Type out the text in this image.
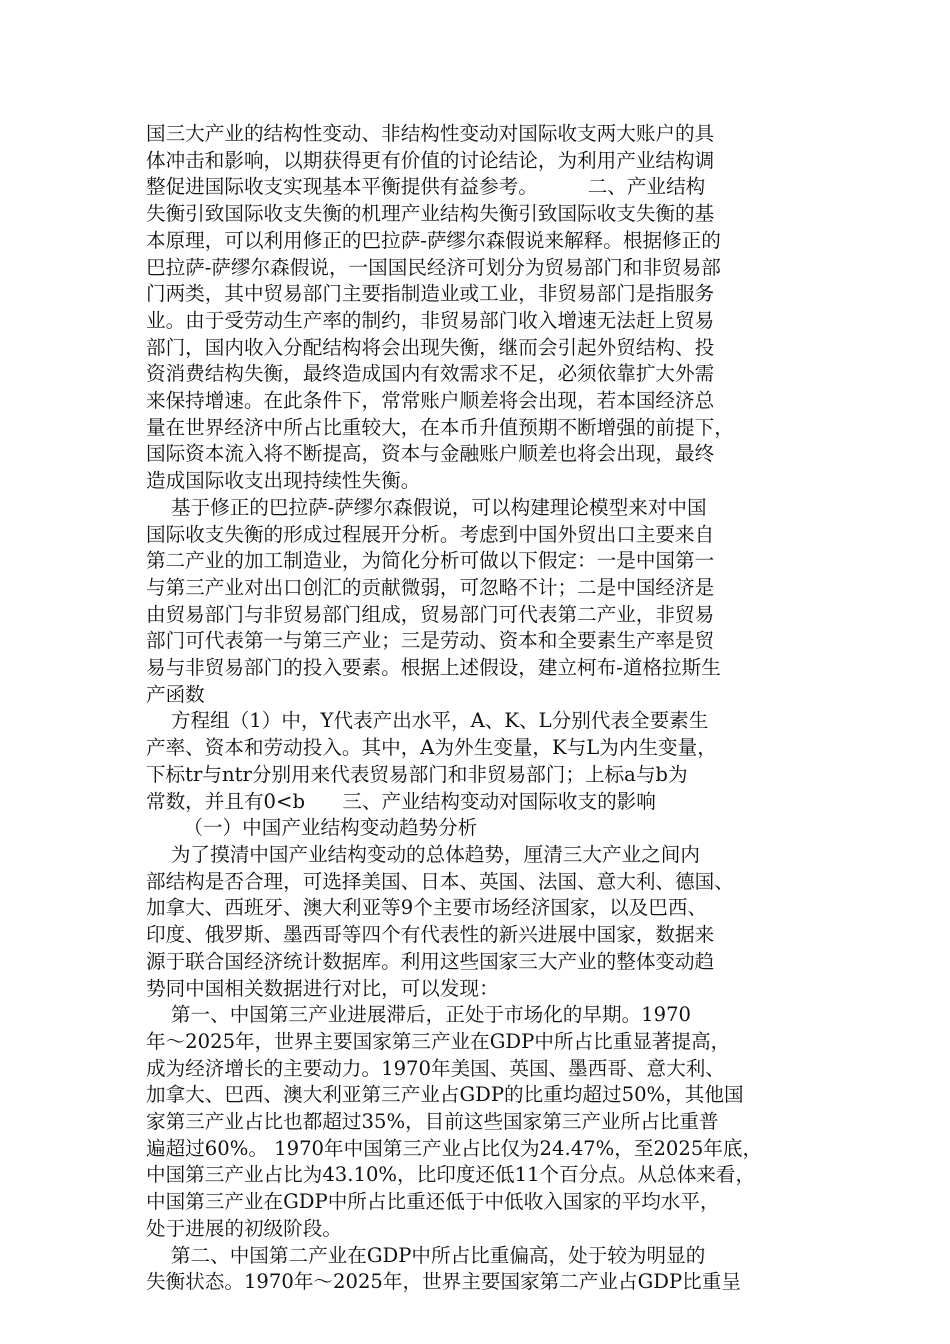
国三大产业的结构性变动、非结构性变动对国际收支两大账户的具
体冲击和影响，以期获得更有价值的讨论结论，为利用产业结构调
整促进国际收支实现基本平衡提供有益参考。        二、产业结构
失衡引致国际收支失衡的机理产业结构失衡引致国际收支失衡的基
本原理，可以利用修正的巴拉萨-萨缪尔森假说来解释。根据修正的
巴拉萨-萨缪尔森假说，一国国民经济可划分为贸易部门和非贸易部
门两类，其中贸易部门主要指制造业或工业，非贸易部门是指服务
业。由于受劳动生产率的制约，非贸易部门收入增速无法赶上贸易
部门，国内收入分配结构将会出现失衡，继而会引起外贸结构、投
资消费结构失衡，最终造成国内有效需求不足，必须依靠扩大外需
来保持增速。在此条件下，常常账户顺差将会出现，若本国经济总
量在世界经济中所占比重较大，在本币升值预期不断增强的前提下，
国际资本流入将不断提高，资本与金融账户顺差也将会出现，最终
造成国际收支出现持续性失衡。
基于修正的巴拉萨-萨缪尔森假说，可以构建理论模型来对中国
国际收支失衡的形成过程展开分析。考虑到中国外贸出口主要来自
第二产业的加工制造业，为简化分析可做以下假定：一是中国第一
与第三产业对出口创汇的贡献微弱，可忽略不计；二是中国经济是
由贸易部门与非贸易部门组成，贸易部门可代表第二产业，非贸易
部门可代表第一与第三产业；三是劳动、资本和全要素生产率是贸
易与非贸易部门的投入要素。根据上述假设，建立柯布-道格拉斯生
产函数
方程组（1）中，Y代表产出水平，A、K、L分别代表全要素生
产率、资本和劳动投入。其中，A为外生变量，K与L为内生变量，
下标tr与ntr分别用来代表贸易部门和非贸易部门；上标a与b为
常数，并且有0<b      三、产业结构变动对国际收支的影响
（一）中国产业结构变动趋势分析
为了摸清中国产业结构变动的总体趋势，厘清三大产业之间内
部结构是否合理，可选择美国、日本、英国、法国、意大利、德国、
加拿大、西班牙、澳大利亚等9个主要市场经济国家，以及巴西、
印度、俄罗斯、墨西哥等四个有代表性的新兴进展中国家，数据来
源于联合国经济统计数据库。利用这些国家三大产业的整体变动趋
势同中国相关数据进行对比，可以发现：
第一、中国第三产业进展滞后，正处于市场化的早期。1970
年～2025年，世界主要国家第三产业在GDP中所占比重显著提高，
成为经济增长的主要动力。1970年美国、英国、墨西哥、意大利、
加拿大、巴西、澳大利亚第三产业占GDP的比重均超过50%，其他国
家第三产业占比也都超过35%，目前这些国家第三产业所占比重普
遍超过60%。 1970年中国第三产业占比仅为24.47%，至2025年底，
中国第三产业占比为43.10%，比印度还低11个百分点。从总体来看，
中国第三产业在GDP中所占比重还低于中低收入国家的平均水平，
处于进展的初级阶段。
第二、中国第二产业在GDP中所占比重偏高，处于较为明显的
失衡状态。1970年～2025年，世界主要国家第二产业占GDP比重呈
